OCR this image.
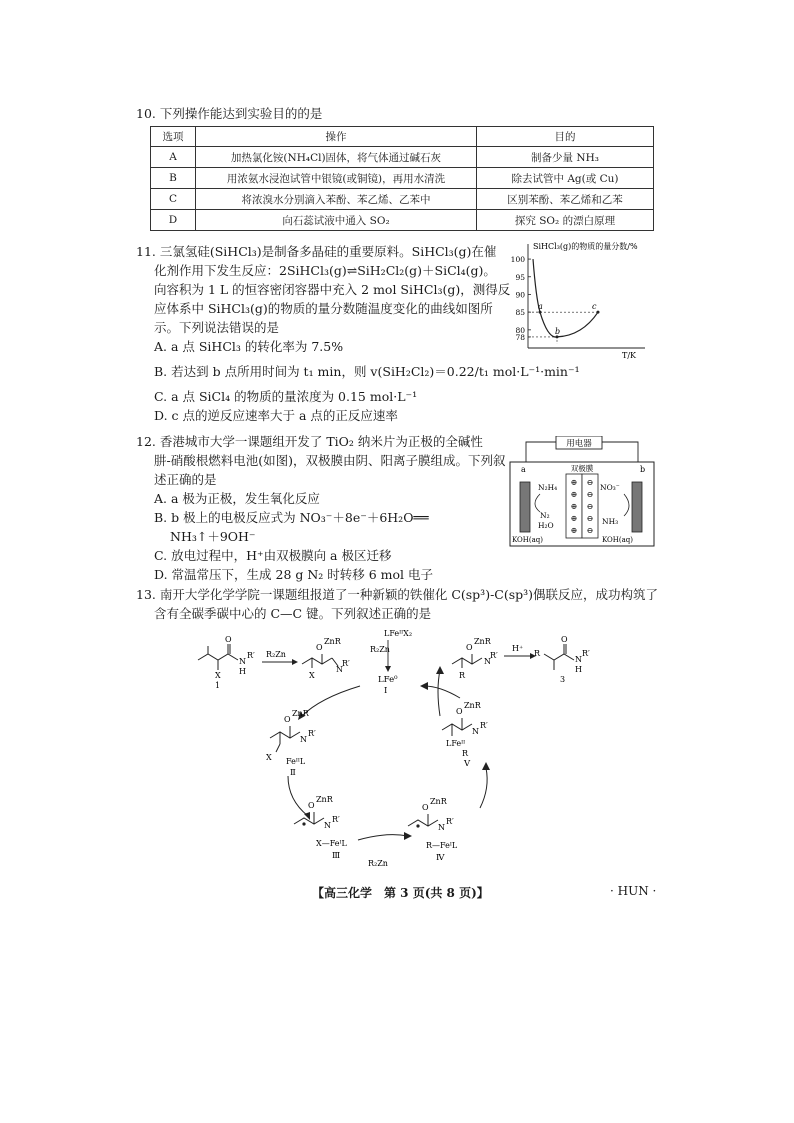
10. 下列操作能达到实验目的的是

选项	操作	目的
A	加热氯化铵(NH₄Cl)固体，将气体通过碱石灰	制备少量 NH₃
B	用浓氨水浸泡试管中银镜(或铜镜)，再用水清洗	除去试管中 Ag(或 Cu)
C	将浓溴水分别滴入苯酚、苯乙烯、乙苯中	区别苯酚、苯乙烯和乙苯
D	向石蕊试液中通入 SO₂	探究 SO₂ 的漂白原理

11. 三氯氢硅(SiHCl₃)是制备多晶硅的重要原料。SiHCl₃(g)在催

化剂作用下发生反应：2SiHCl₃(g)⇌SiH₂Cl₂(g)＋SiCl₄(g)。

向容积为 1 L 的恒容密闭容器中充入 2 mol SiHCl₃(g)，测得反

应体系中 SiHCl₃(g)的物质的量分数随温度变化的曲线如图所

示。下列说法错误的是

A. a 点 SiHCl₃ 的转化率为 7.5%

B. 若达到 b 点所用时间为 t₁ min，则 v(SiH₂Cl₂)＝0.22/t₁ mol·L⁻¹·min⁻¹

C. a 点 SiCl₄ 的物质的量浓度为 0.15 mol·L⁻¹

D. c 点的逆反应速率大于 a 点的正反应速率

SiHCl₃(g)的物质的量分数/%
T/K
100
95
90
85
80
78
a
b
c

12. 香港城市大学一课题组开发了 TiO₂ 纳米片为正极的全碱性

肼-硝酸根燃料电池(如图)，双极膜由阴、阳离子膜组成。下列叙

述正确的是

A. a 极为正极，发生氧化反应

B. b 极上的电极反应式为 NO₃⁻＋8e⁻＋6H₂O══

NH₃↑＋9OH⁻

C. 放电过程中，H⁺由双极膜向 a 极区迁移

D. 常温常压下，生成 28 g N₂ 时转移 6 mol 电子

用电器
a	b
双极膜
⊕
⊕
⊕
⊕
⊕
⊖
⊖
⊖
⊖
⊖
N₂H₄
N₂
H₂O
NO₃⁻
NH₃
KOH(aq)	KOH(aq)

13. 南开大学化学学院一课题组报道了一种新颖的铁催化 C(sp³)-C(sp³)偶联反应，成功构筑了

含有全碳季碳中心的 C—C 键。下列叙述正确的是

O
N
R′
H
X
1
R₂Zn
O
ZnR
N
R′
X
LFeᴵᴵX₂
R₂Zn
LFe⁰
Ⅰ
O
ZnR
N
R′
R
H⁺
R
O
N
R′
H
3
O
ZnR
N
R′
X FeᴵᴵL
Ⅱ
O
ZnR
N
R′
X—FeᴵL
Ⅲ
R₂Zn
O
ZnR
N
R′
R—FeᴵL
Ⅳ
O
ZnR
N
R′
LFeᴵᴵ
R
Ⅴ
【高三化学　第 3 页(共 8 页)】	· HUN ·
